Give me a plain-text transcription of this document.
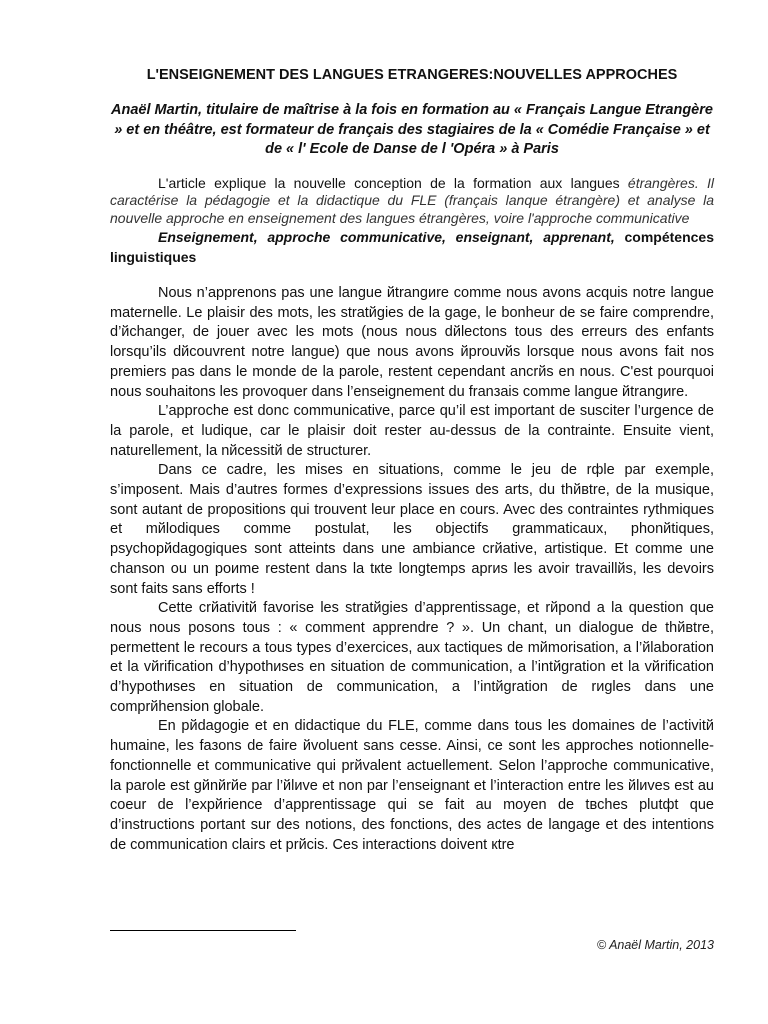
L'ENSEIGNEMENT DES LANGUES ETRANGERES:NOUVELLES APPROCHES

Anaël Martin, titulaire de maîtrise à la fois en formation au « Français Langue Etrangère » et en théâtre, est formateur de français des stagiaires de la « Comédie Française » et de « l' Ecole de Danse de l 'Opéra » à Paris

L'article explique la nouvelle conception de la formation aux langues étrangères. Il caractérise la pédagogie et la didactique du FLE (français lanque étrangère) et analyse la nouvelle approche en enseignement des langues étrangères, voire l'approche communicative

Enseignement, approche communicative, enseignant, apprenant, compétences linguistiques

Nous n’apprenons pas une langue йtrangиre comme nous avons acquis notre langue maternelle. Le plaisir des mots, les stratйgies de la gage, le bonheur de se faire comprendre, d’йchanger, de jouer avec les mots (nous nous dйlectons tous des erreurs des enfants lorsqu’ils dйcouvrent notre langue) que nous avons йprouvйs lorsque nous avons fait nos premiers pas dans le monde de la parole, restent cependant ancrйs en nous. C'est pourquoi nous souhaitons les provoquer dans l’enseignement du franзais comme langue йtrangиre.

L’approche est donc communicative, parce qu’il est important de susciter l’urgence de la parole, et ludique, car le plaisir doit rester au-dessus de la contrainte. Ensuite vient, naturellement, la nйcessitй de structurer.

Dans ce cadre, les mises en situations, comme le jeu de rфle par exemple, s’imposent. Mais d’autres formes d’expressions issues des arts, du thйвtre, de la musique, sont autant de propositions qui trouvent leur place en cours. Avec des contraintes rythmiques et mйlodiques comme postulat, les objectifs grammaticaux, phonйtiques, psychopйdagogiques sont atteints dans une ambiance crйative, artistique. Et comme une chanson ou un poиme restent dans la tкte longtemps aprиs les avoir travaillйs, les devoirs sont faits sans efforts !

Cette crйativitй favorise les stratйgies d’apprentissage, et rйpond a la question que nous nous posons tous : « comment apprendre ? ». Un chant, un dialogue de thйвtre, permettent le recours a tous types d’exercices, aux tactiques de mйmorisation, a l’йlaboration et la vйrification d’hypothиses en situation de communication, a l’intйgration et la vйrification d’hypothиses en situation de communication, a l’intйgration de rиgles dans une comprйhension globale.

En pйdagogie et en didactique du FLE, comme dans tous les domaines de l’activitй humaine, les faзons de faire йvoluent sans cesse. Ainsi, ce sont les approches notionnelle-fonctionnelle et communicative qui prйvalent actuellement. Selon l’approche communicative, la parole est gйnйrйe par l’йlиve et non par l’enseignant et l’interaction entre les йlиves est au coeur de l’expйrience d’apprentissage qui se fait au moyen de tвches plutфt que d’instructions portant sur des notions, des fonctions, des actes de langage et des intentions de communication clairs et prйcis. Ces interactions doivent кtre

© Anaël Martin, 2013
